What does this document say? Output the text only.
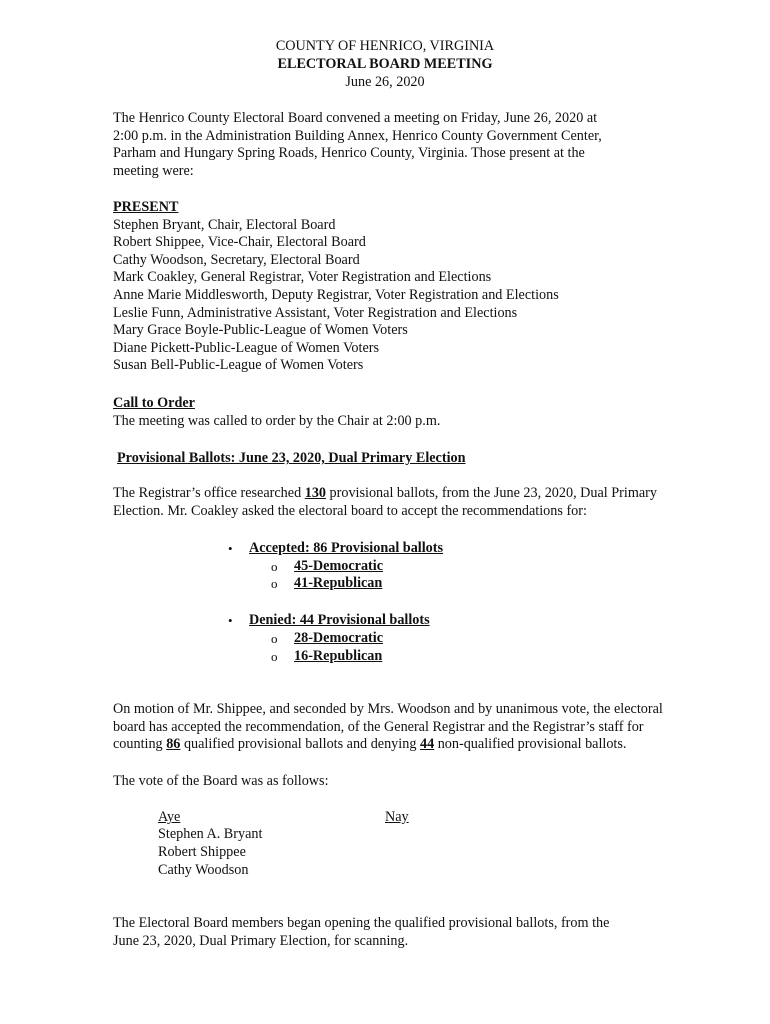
COUNTY OF HENRICO, VIRGINIA
ELECTORAL BOARD MEETING
June 26, 2020
The Henrico County Electoral Board convened a meeting on Friday, June 26, 2020 at
2:00 p.m. in the Administration Building Annex, Henrico County Government Center,
Parham and Hungary Spring Roads, Henrico County, Virginia. Those present at the
meeting were:
PRESENT
Stephen Bryant, Chair, Electoral Board
Robert Shippee, Vice-Chair, Electoral Board
Cathy Woodson, Secretary, Electoral Board
Mark Coakley, General Registrar, Voter Registration and Elections
Anne Marie Middlesworth, Deputy Registrar, Voter Registration and Elections
Leslie Funn, Administrative Assistant, Voter Registration and Elections
Mary Grace Boyle-Public-League of Women Voters
Diane Pickett-Public-League of Women Voters
Susan Bell-Public-League of Women Voters
Call to Order
The meeting was called to order by the Chair at 2:00 p.m.
Provisional Ballots: June 23, 2020, Dual Primary Election
The Registrar’s office researched 130 provisional ballots, from the June 23, 2020, Dual Primary
Election. Mr. Coakley asked the electoral board to accept the recommendations for:
• Accepted: 86 Provisional ballots
o 45-Democratic
o 41-Republican
• Denied: 44 Provisional ballots
o 28-Democratic
o 16-Republican
On motion of Mr. Shippee, and seconded by Mrs. Woodson and by unanimous vote, the electoral
board has accepted the recommendation, of the General Registrar and the Registrar’s staff for
counting 86 qualified provisional ballots and denying 44 non-qualified provisional ballots.
The vote of the Board was as follows:
Aye	Nay
Stephen A. Bryant
Robert Shippee
Cathy Woodson
The Electoral Board members began opening the qualified provisional ballots, from the
June 23, 2020, Dual Primary Election, for scanning.
